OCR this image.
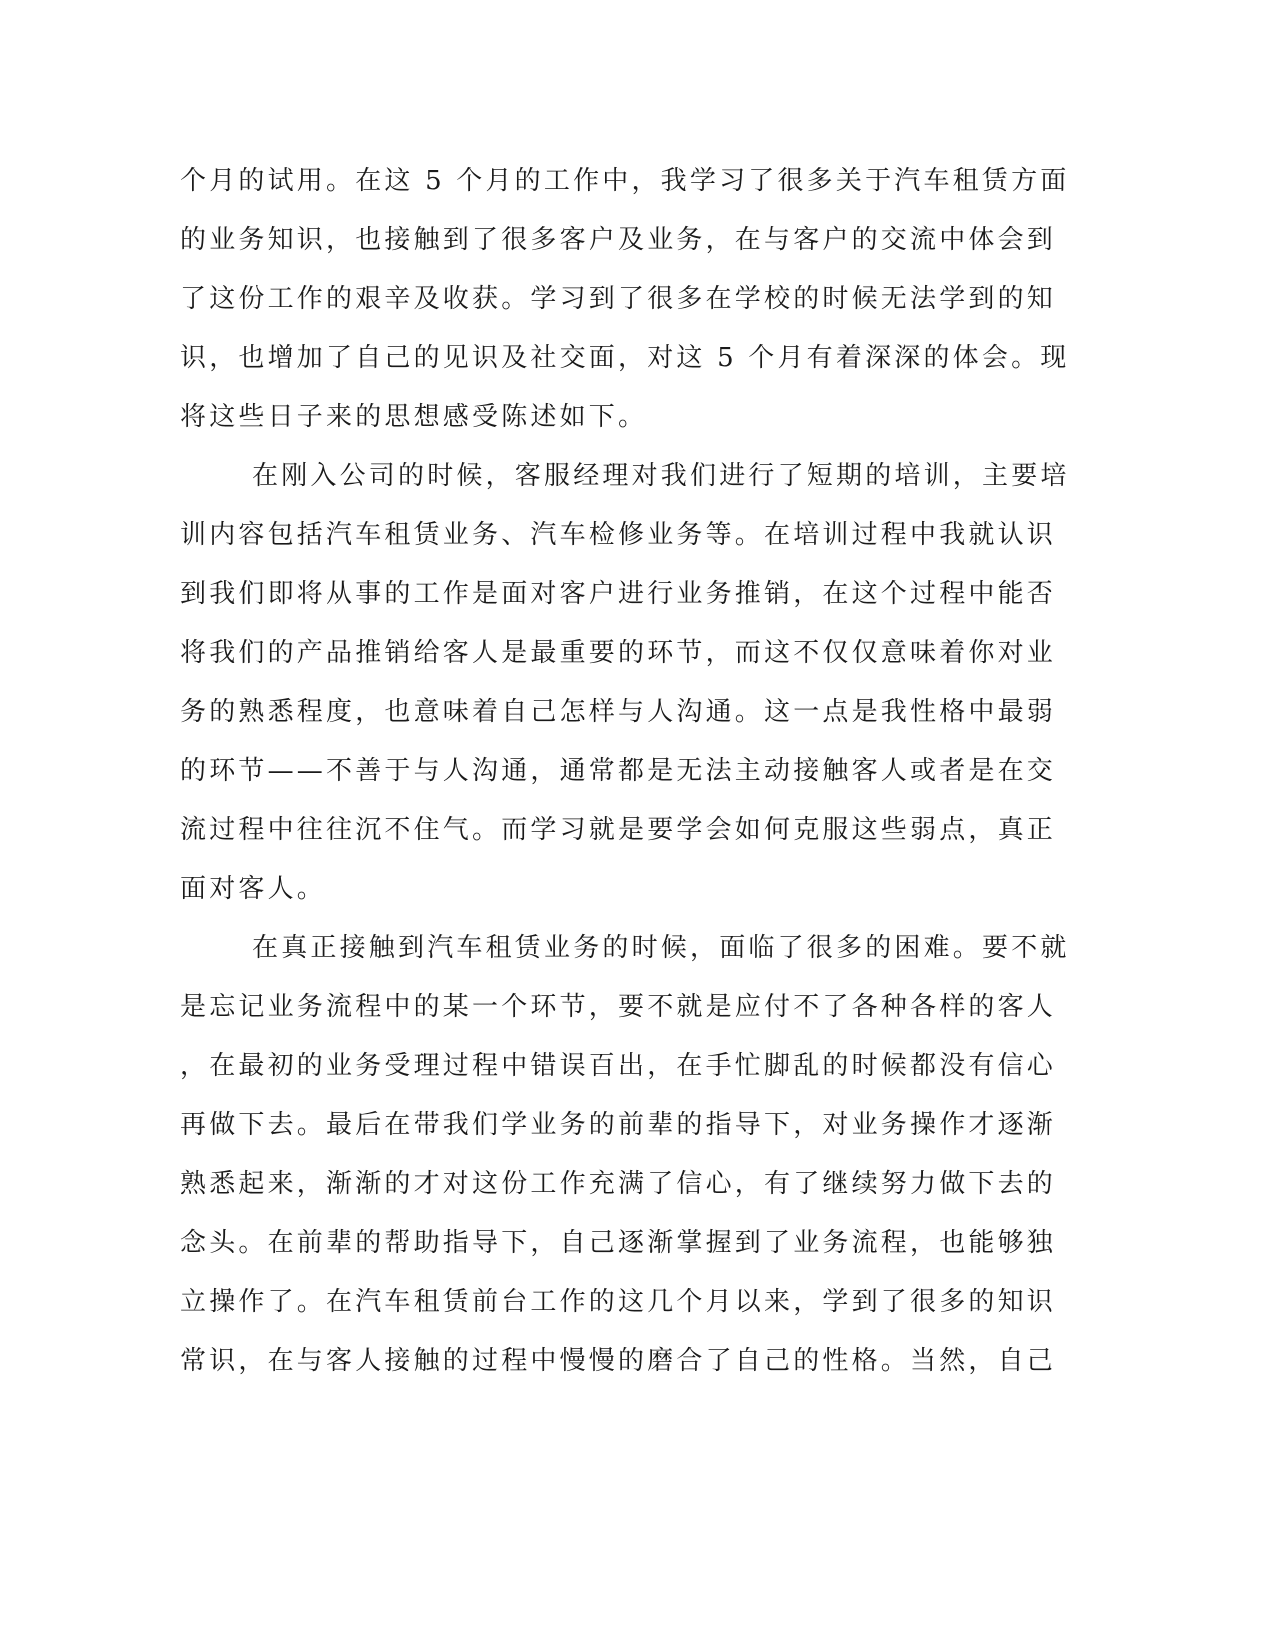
个月的试用。在这 5 个月的工作中，我学习了很多关于汽车租赁方面
的业务知识，也接触到了很多客户及业务，在与客户的交流中体会到
了这份工作的艰辛及收获。学习到了很多在学校的时候无法学到的知
识，也增加了自己的见识及社交面，对这 5 个月有着深深的体会。现
将这些日子来的思想感受陈述如下。
在刚入公司的时候，客服经理对我们进行了短期的培训，主要培
训内容包括汽车租赁业务、汽车检修业务等。在培训过程中我就认识
到我们即将从事的工作是面对客户进行业务推销，在这个过程中能否
将我们的产品推销给客人是最重要的环节，而这不仅仅意味着你对业
务的熟悉程度，也意味着自己怎样与人沟通。这一点是我性格中最弱
的环节——不善于与人沟通，通常都是无法主动接触客人或者是在交
流过程中往往沉不住气。而学习就是要学会如何克服这些弱点，真正
面对客人。
在真正接触到汽车租赁业务的时候，面临了很多的困难。要不就
是忘记业务流程中的某一个环节，要不就是应付不了各种各样的客人
，在最初的业务受理过程中错误百出，在手忙脚乱的时候都没有信心
再做下去。最后在带我们学业务的前辈的指导下，对业务操作才逐渐
熟悉起来，渐渐的才对这份工作充满了信心，有了继续努力做下去的
念头。在前辈的帮助指导下，自己逐渐掌握到了业务流程，也能够独
立操作了。在汽车租赁前台工作的这几个月以来，学到了很多的知识
常识，在与客人接触的过程中慢慢的磨合了自己的性格。当然，自己
